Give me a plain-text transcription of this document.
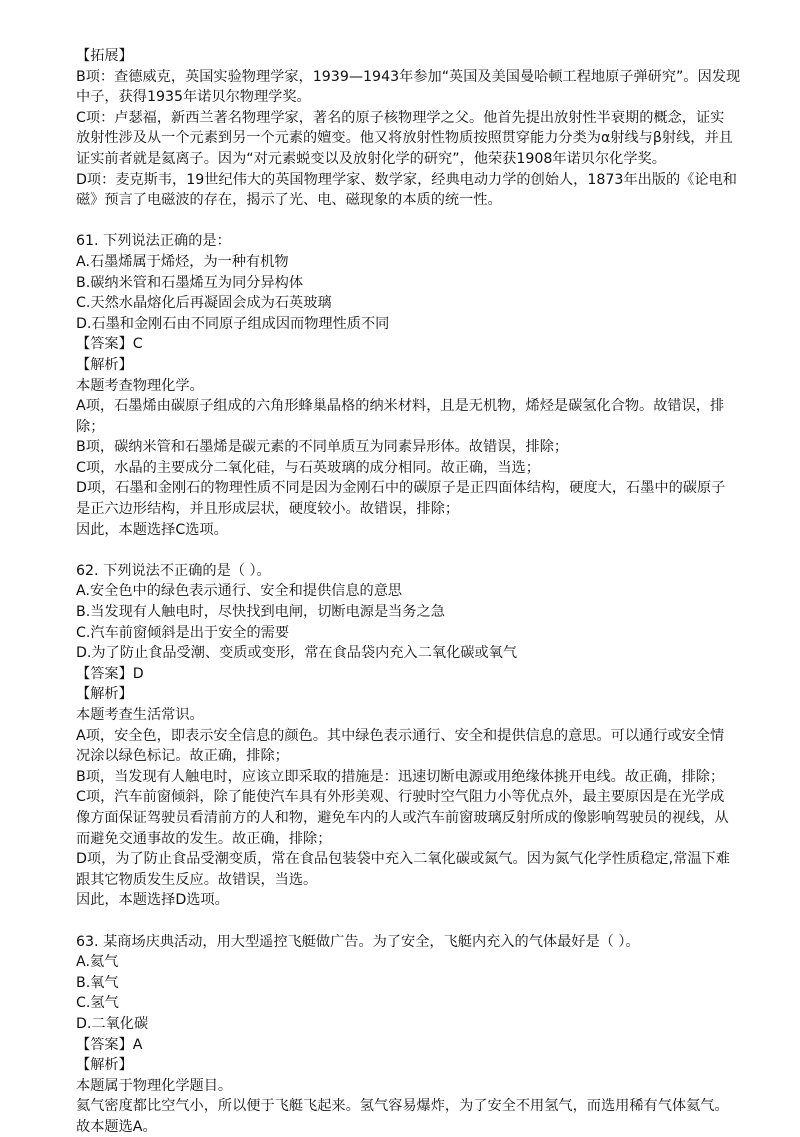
【拓展】

B项：查德威克，英国实验物理学家，1939—1943年参加“英国及美国曼哈顿工程地原子弹研究”。因发现

中子，获得1935年诺贝尔物理学奖。

C项：卢瑟福，新西兰著名物理学家，著名的原子核物理学之父。他首先提出放射性半衰期的概念，证实

放射性涉及从一个元素到另一个元素的嬗变。他又将放射性物质按照贯穿能力分类为α射线与β射线，并且

证实前者就是氦离子。因为“对元素蜕变以及放射化学的研究”，他荣获1908年诺贝尔化学奖。

D项：麦克斯韦，19世纪伟大的英国物理学家、数学家，经典电动力学的创始人，1873年出版的《论电和

磁》预言了电磁波的存在，揭示了光、电、磁现象的本质的统一性。

61. 下列说法正确的是：

A.石墨烯属于烯烃，为一种有机物

B.碳纳米管和石墨烯互为同分异构体

C.天然水晶熔化后再凝固会成为石英玻璃

D.石墨和金刚石由不同原子组成因而物理性质不同

【答案】C

【解析】

本题考查物理化学。

A项，石墨烯由碳原子组成的六角形蜂巢晶格的纳米材料，且是无机物，烯烃是碳氢化合物。故错误，排

除；

B项，碳纳米管和石墨烯是碳元素的不同单质互为同素异形体。故错误，排除；

C项，水晶的主要成分二氧化硅，与石英玻璃的成分相同。故正确，当选；

D项，石墨和金刚石的物理性质不同是因为金刚石中的碳原子是正四面体结构，硬度大，石墨中的碳原子

是正六边形结构，并且形成层状，硬度较小。故错误，排除；

因此，本题选择C选项。

62. 下列说法不正确的是（ ）。

A.安全色中的绿色表示通行、安全和提供信息的意思

B.当发现有人触电时，尽快找到电闸，切断电源是当务之急

C.汽车前窗倾斜是出于安全的需要

D.为了防止食品受潮、变质或变形，常在食品袋内充入二氧化碳或氧气

【答案】D

【解析】

本题考查生活常识。

A项，安全色，即表示安全信息的颜色。其中绿色表示通行、安全和提供信息的意思。可以通行或安全情

况涂以绿色标记。故正确，排除；

B项，当发现有人触电时，应该立即采取的措施是：迅速切断电源或用绝缘体挑开电线。故正确，排除；

C项，汽车前窗倾斜，除了能使汽车具有外形美观、行驶时空气阻力小等优点外，最主要原因是在光学成

像方面保证驾驶员看清前方的人和物，避免车内的人或汽车前窗玻璃反射所成的像影响驾驶员的视线，从

而避免交通事故的发生。故正确，排除；

D项，为了防止食品受潮变质，常在食品包装袋中充入二氧化碳或氮气。因为氮气化学性质稳定,常温下难

跟其它物质发生反应。故错误，当选。

因此，本题选择D选项。

63. 某商场庆典活动，用大型遥控飞艇做广告。为了安全，飞艇内充入的气体最好是（ ）。

A.氦气

B.氧气

C.氢气

D.二氧化碳

【答案】A

【解析】

本题属于物理化学题目。

氦气密度都比空气小，所以便于飞艇飞起来。氢气容易爆炸，为了安全不用氢气，而选用稀有气体氦气。

故本题选A。
